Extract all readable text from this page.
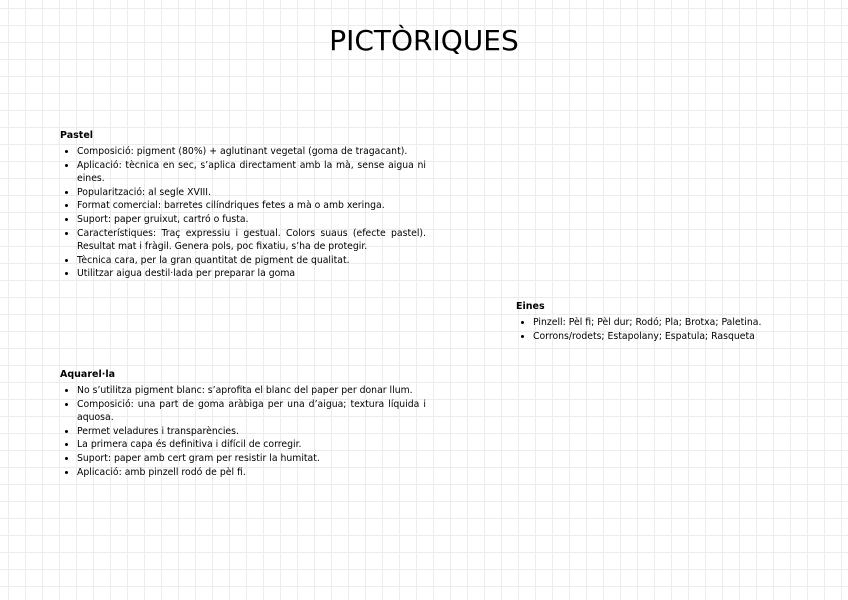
PICTÒRIQUES
Pastel
• Composició: pigment (80%) + aglutinant vegetal (goma de tragacant).
• Aplicació: tècnica en sec, s’aplica directament amb la mà, sense aigua ni eines.
• Popularització: al segle XVIII.
• Format comercial: barretes cilíndriques fetes a mà o amb xeringa.
• Suport: paper gruixut, cartró o fusta.
• Característiques: Traç expressiu i gestual. Colors suaus (efecte pastel). Resultat mat i fràgil. Genera pols, poc fixatiu, s’ha de protegir.
• Tècnica cara, per la gran quantitat de pigment de qualitat.
• Utilitzar aigua destil·lada per preparar la goma
Eines
• Pinzell: Pèl fi; Pèl dur; Rodó; Pla; Brotxa; Paletina.
• Corrons/rodets; Estapolany; Espatula; Rasqueta
Aquarel·la
• No s’utilitza pigment blanc: s’aprofita el blanc del paper per donar llum.
• Composició: una part de goma aràbiga per una d’aigua; textura líquida i aquosa.
• Permet veladures i transparències.
• La primera capa és definitiva i difícil de corregir.
• Suport: paper amb cert gram per resistir la humitat.
• Aplicació: amb pinzell rodó de pèl fi.
